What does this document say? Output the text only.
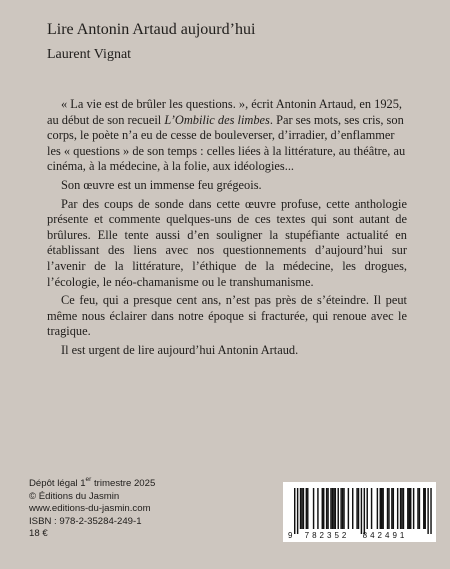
Lire Antonin Artaud aujourd’hui
Laurent Vignat

« La vie est de brûler les questions. », écrit Antonin Artaud, en 1925, au début de son recueil L’Ombilic des limbes. Par ses mots, ses cris, son corps, le poète n’a eu de cesse de bouleverser, d’irradier, d’enflammer les « questions » de son temps : celles liées à la littérature, au théâtre, au cinéma, à la médecine, à la folie, aux idéologies...

Son œuvre est un immense feu grégeois.

Par des coups de sonde dans cette œuvre profuse, cette anthologie présente et commente quelques-uns de ces textes qui sont autant de brûlures. Elle tente aussi d’en souligner la stupéfiante actualité en établissant des liens avec nos questionnements d’aujourd’hui sur l’avenir de la littérature, l’éthique de la médecine, les drogues, l’écologie, le néo-chamanisme ou le transhumanisme.

Ce feu, qui a presque cent ans, n’est pas près de s’éteindre. Il peut même nous éclairer dans notre époque si fracturée, qui renoue avec le tragique.

Il est urgent de lire aujourd’hui Antonin Artaud.

Dépôt légal 1er trimestre 2025
© Éditions du Jasmin
www.editions-du-jasmin.com
ISBN : 978-2-35284-249-1
18 €	9 782352 842491
